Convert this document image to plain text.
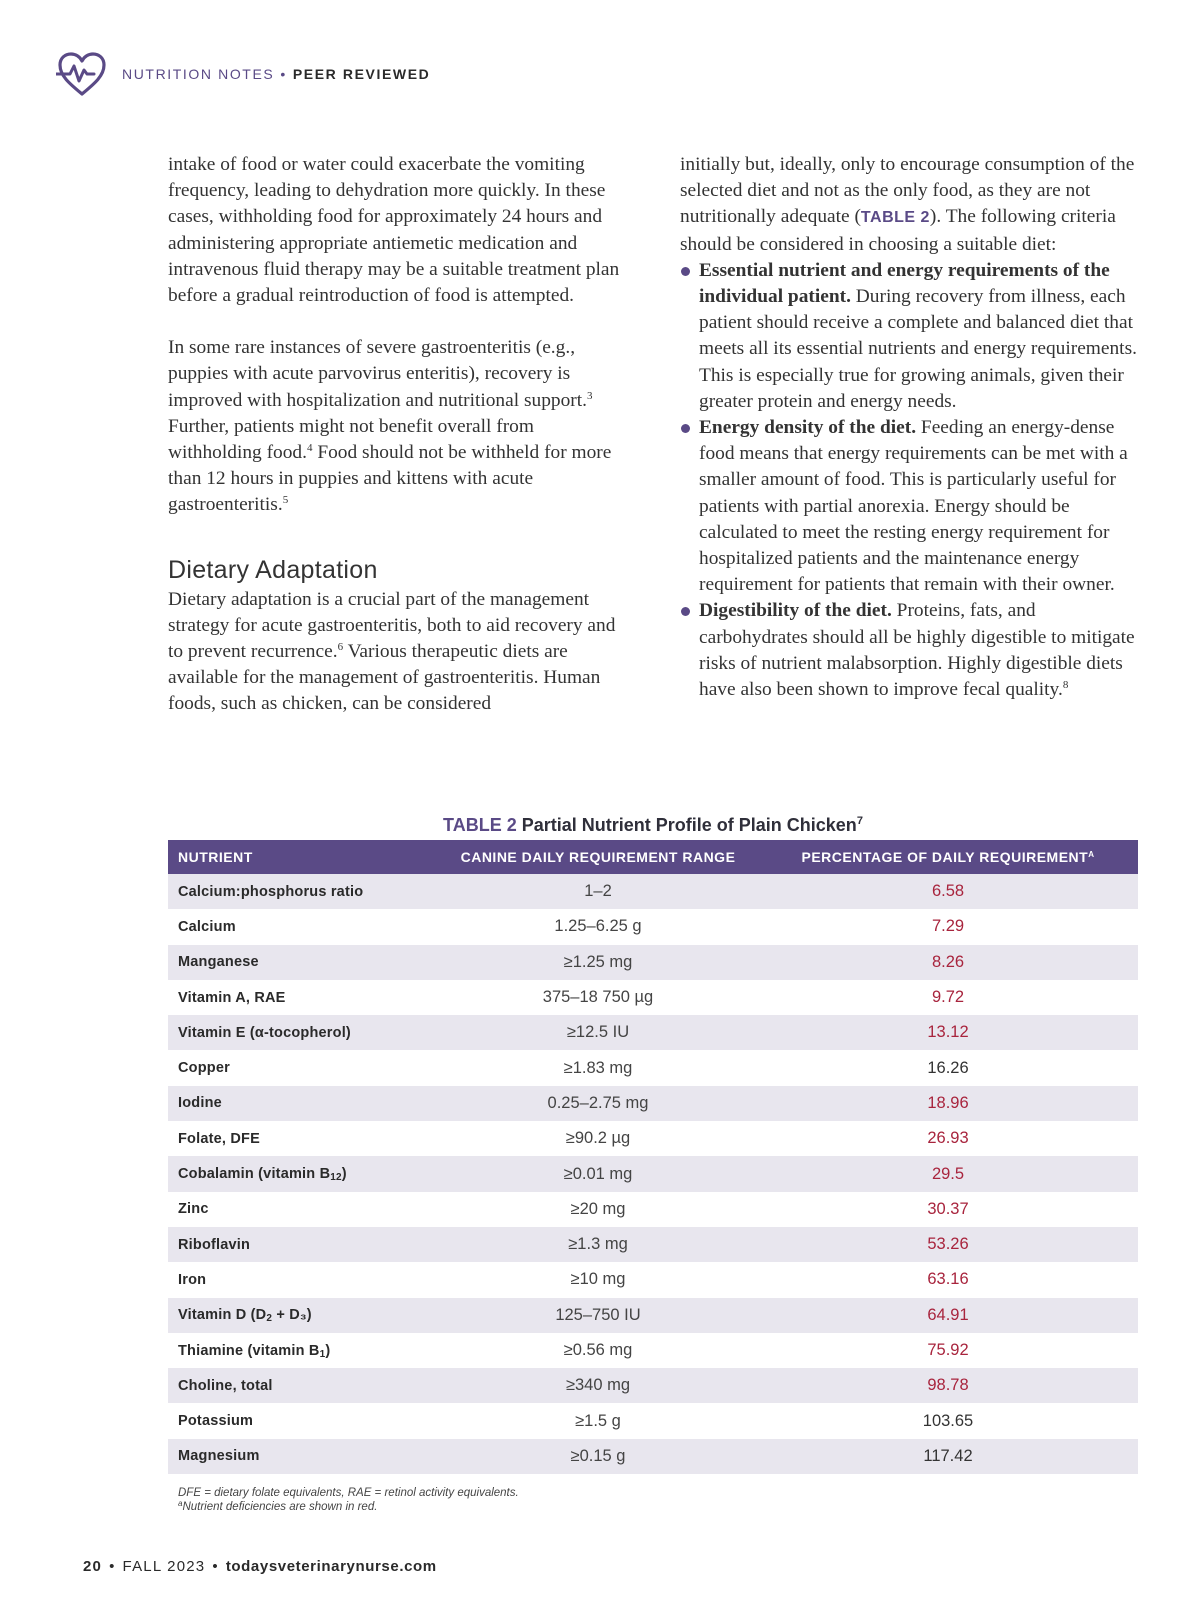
NUTRITION NOTES • PEER REVIEWED

intake of food or water could exacerbate the vomiting frequency, leading to dehydration more quickly. In these cases, withholding food for approximately 24 hours and administering appropriate antiemetic medication and intravenous fluid therapy may be a suitable treatment plan before a gradual reintroduction of food is attempted.

In some rare instances of severe gastroenteritis (e.g., puppies with acute parvovirus enteritis), recovery is improved with hospitalization and nutritional support.$^3$ Further, patients might not benefit overall from withholding food.$^4$ Food should not be withheld for more than 12 hours in puppies and kittens with acute gastroenteritis.$^5$

Dietary Adaptation

Dietary adaptation is a crucial part of the management strategy for acute gastroenteritis, both to aid recovery and to prevent recurrence.$^6$ Various therapeutic diets are available for the management of gastroenteritis. Human foods, such as chicken, can be considered

initially but, ideally, only to encourage consumption of the selected diet and not as the only food, as they are not nutritionally adequate (TABLE 2). The following criteria should be considered in choosing a suitable diet:

Essential nutrient and energy requirements of the individual patient. During recovery from illness, each patient should receive a complete and balanced diet that meets all its essential nutrients and energy requirements. This is especially true for growing animals, given their greater protein and energy needs.
Energy density of the diet. Feeding an energy-dense food means that energy requirements can be met with a smaller amount of food. This is particularly useful for patients with partial anorexia. Energy should be calculated to meet the resting energy requirement for hospitalized patients and the maintenance energy requirement for patients that remain with their owner.
Digestibility of the diet. Proteins, fats, and carbohydrates should all be highly digestible to mitigate risks of nutrient malabsorption. Highly digestible diets have also been shown to improve fecal quality.$^8$
TABLE 2 Partial Nutrient Profile of Plain Chicken$^7$
NUTRIENT	CANINE DAILY REQUIREMENT RANGE	PERCENTAGE OF DAILY $REQUIREMENT^A$
Calcium:phosphorus ratio	1–2	6.58
Calcium	1.25–6.25 g	7.29
Manganese	≥1.25 mg	8.26
Vitamin A, RAE	375–18 750 µg	9.72
Vitamin E (α-tocopherol)	≥12.5 IU	13.12
Copper	≥1.83 mg	16.26
Iodine	0.25–2.75 mg	18.96
Folate, DFE	≥90.2 µg	26.93
Cobalamin (vitamin $B_{12}$)	≥0.01 mg	29.5
Zinc	≥20 mg	30.37
Riboflavin	≥1.3 mg	53.26
Iron	≥10 mg	63.16
Vitamin D $(D_2 + D_3)$	125–750 IU	64.91
Thiamine (vitamin $B_1$)	≥0.56 mg	75.92
Choline, total	≥340 mg	98.78
Potassium	≥1.5 g	103.65
Magnesium	≥0.15 g	117.42
DFE = dietary folate equivalents, RAE = retinol activity equivalents.
$^a$Nutrient deficiencies are shown in red.
20 • FALL 2023 • todaysveterinarynurse.com
